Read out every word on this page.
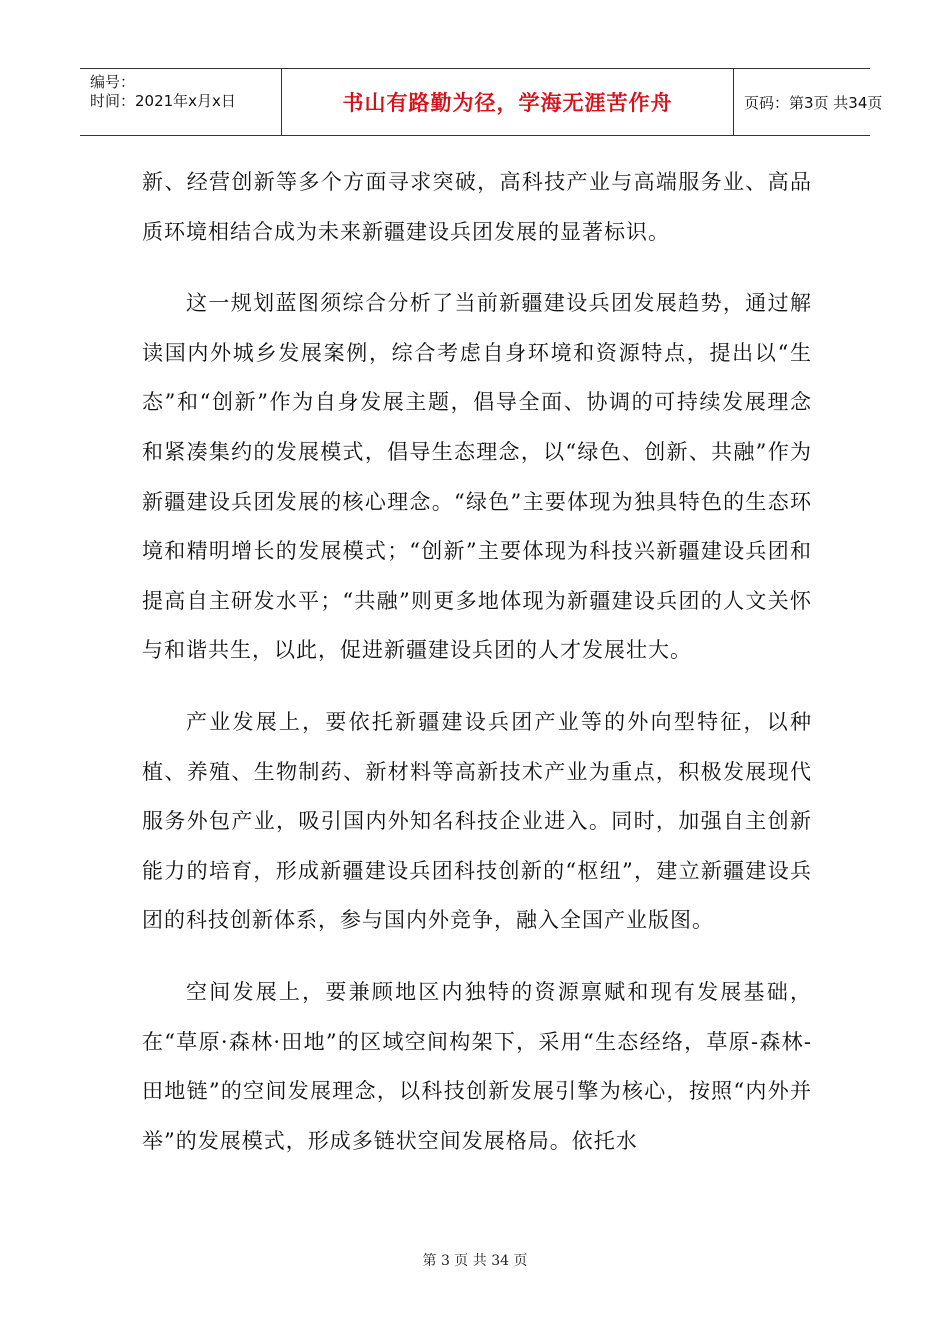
编号：
时间：2021年x月x日	书山有路勤为径，学海无涯苦作舟	页码：第3页 共34页

新、经营创新等多个方面寻求突破，高科技产业与高端服务业、高品质环境相结合成为未来新疆建设兵团发展的显著标识。

这一规划蓝图须综合分析了当前新疆建设兵团发展趋势，通过解读国内外城乡发展案例，综合考虑自身环境和资源特点，提出以“生态”和“创新”作为自身发展主题，倡导全面、协调的可持续发展理念和紧凑集约的发展模式，倡导生态理念，以“绿色、创新、共融”作为新疆建设兵团发展的核心理念。“绿色”主要体现为独具特色的生态环境和精明增长的发展模式；“创新”主要体现为科技兴新疆建设兵团和提高自主研发水平；“共融”则更多地体现为新疆建设兵团的人文关怀与和谐共生，以此，促进新疆建设兵团的人才发展壮大。

产业发展上，要依托新疆建设兵团产业等的外向型特征，以种植、养殖、生物制药、新材料等高新技术产业为重点，积极发展现代服务外包产业，吸引国内外知名科技企业进入。同时，加强自主创新能力的培育，形成新疆建设兵团科技创新的“枢纽”，建立新疆建设兵团的科技创新体系，参与国内外竞争，融入全国产业版图。

空间发展上，要兼顾地区内独特的资源禀赋和现有发展基础，在“草原·森林·田地”的区域空间构架下，采用“生态经络，草原-森林-田地链”的空间发展理念，以科技创新发展引擎为核心，按照“内外并举”的发展模式，形成多链状空间发展格局。依托水

第 3 页 共 34 页
